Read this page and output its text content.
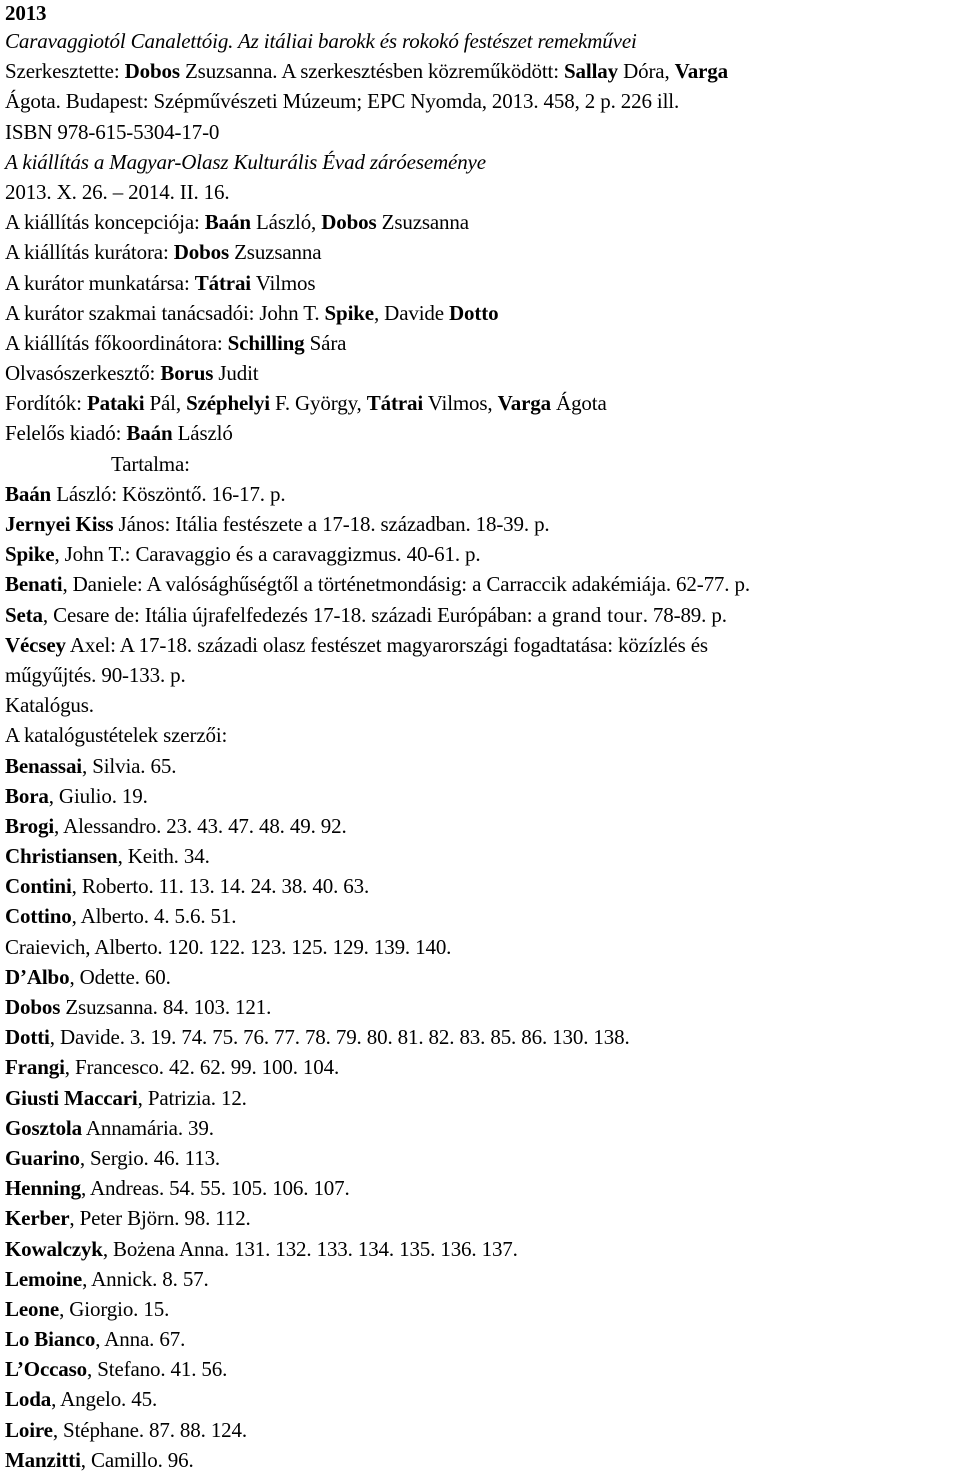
2013
Caravaggiotól Canalettóig. Az itáliai barokk és rokokó festészet remekművei
Szerkesztette: Dobos Zsuzsanna. A szerkesztésben közreműködött: Sallay Dóra, Varga
Ágota. Budapest: Szépművészeti Múzeum; EPC Nyomda, 2013. 458, 2 p. 226 ill.
ISBN 978-615-5304-17-0
A kiállítás a Magyar-Olasz Kulturális Évad záróeseménye
2013. X. 26. – 2014. II. 16.
A kiállítás koncepciója: Baán László, Dobos Zsuzsanna
A kiállítás kurátora: Dobos Zsuzsanna
A kurátor munkatársa: Tátrai Vilmos
A kurátor szakmai tanácsadói: John T. Spike, Davide Dotto
A kiállítás főkoordinátora: Schilling Sára
Olvasószerkesztő: Borus Judit
Fordítók: Pataki Pál, Széphelyi F. György, Tátrai Vilmos, Varga Ágota
Felelős kiadó: Baán László
Tartalma:
Baán László: Köszöntő. 16-17. p.
Jernyei Kiss János: Itália festészete a 17-18. században. 18-39. p.
Spike, John T.: Caravaggio és a caravaggizmus. 40-61. p.
Benati, Daniele: A valósághűségtől a történetmondásig: a Carraccik adakémiája. 62-77. p.
Seta, Cesare de: Itália újrafelfedezés 17-18. századi Európában: a grand tour. 78-89. p.
Vécsey Axel: A 17-18. századi olasz festészet magyarországi fogadtatása: közízlés és
műgyűjtés. 90-133. p.
Katalógus.
A katalógustételek szerzői:
Benassai, Silvia. 65.
Bora, Giulio. 19.
Brogi, Alessandro. 23. 43. 47. 48. 49. 92.
Christiansen, Keith. 34.
Contini, Roberto. 11. 13. 14. 24. 38. 40. 63.
Cottino, Alberto. 4. 5.6. 51.
Craievich, Alberto. 120. 122. 123. 125. 129. 139. 140.
D’Albo, Odette. 60.
Dobos Zsuzsanna. 84. 103. 121.
Dotti, Davide. 3. 19. 74. 75. 76. 77. 78. 79. 80. 81. 82. 83. 85. 86. 130. 138.
Frangi, Francesco. 42. 62. 99. 100. 104.
Giusti Maccari, Patrizia. 12.
Gosztola Annamária. 39.
Guarino, Sergio. 46. 113.
Henning, Andreas. 54. 55. 105. 106. 107.
Kerber, Peter Björn. 98. 112.
Kowalczyk, Bożena Anna. 131. 132. 133. 134. 135. 136. 137.
Lemoine, Annick. 8. 57.
Leone, Giorgio. 15.
Lo Bianco, Anna. 67.
L’Occaso, Stefano. 41. 56.
Loda, Angelo. 45.
Loire, Stéphane. 87. 88. 124.
Manzitti, Camillo. 96.
